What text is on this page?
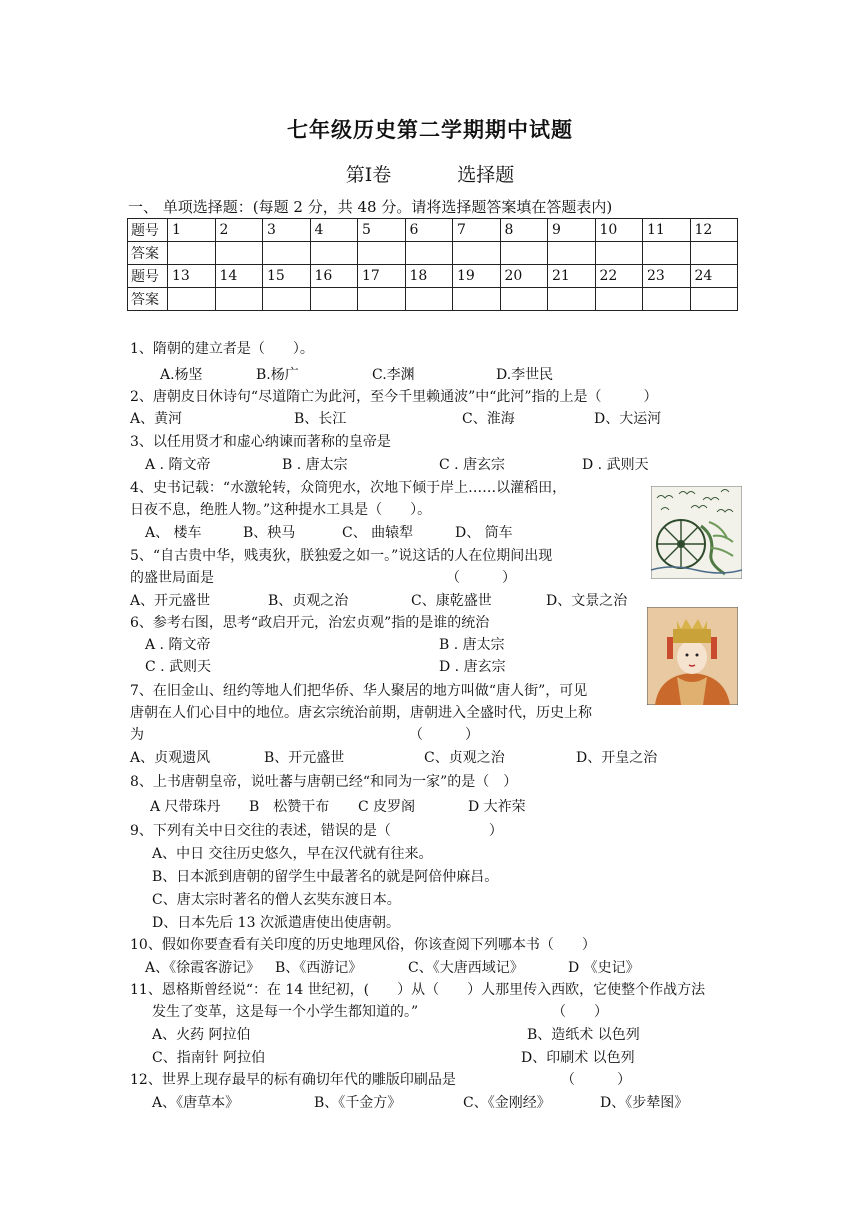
七年级历史第二学期期中试题
第Ⅰ卷	选择题
一、 单项选择题：(每题 2 分，共 48 分。请将选择题答案填在答题表内)
题号	1	2	3	4	5	6	7	8	9	10	11	12
答案												
题号	13	14	15	16	17	18	19	20	21	22	23	24
答案												
1、隋朝的建立者是（　　）。
A.杨坚	B.杨广	C.李渊	D.李世民
2、唐朝皮日休诗句“尽道隋亡为此河，至今千里赖通波”中“此河”指的上是（　　　）
A、黄河	B、长江	C、淮海	D、大运河
3、以任用贤才和虚心纳谏而著称的皇帝是
A . 隋文帝	B . 唐太宗	C . 唐玄宗	D . 武则天
4、史书记载：“水激轮转，众筒兜水，次地下倾于岸上……以灌稻田，
日夜不息，绝胜人物。”这种提水工具是（　　）。
A、 楼车	B、秧马	C、 曲辕犁	D、 筒车
5、“自古贵中华，贱夷狄，朕独爱之如一。”说这话的人在位期间出现
的盛世局面是	（　　　）
A、开元盛世	B、贞观之治	C、康乾盛世	D、文景之治
6、参考右图，思考“政启开元，治宏贞观”指的是谁的统治
A . 隋文帝	B . 唐太宗
C . 武则天	D . 唐玄宗
7、在旧金山、纽约等地人们把华侨、华人聚居的地方叫做“唐人街”，可见
唐朝在人们心目中的地位。唐玄宗统治前期，唐朝进入全盛时代，历史上称
为	（　　　）
A、贞观遗风	B、开元盛世	C、贞观之治	D、开皇之治
8、上书唐朝皇帝，说吐蕃与唐朝已经“和同为一家”的是（　）
A 尺带珠丹 B　松赞干布 C 皮罗阁	D 大祚荣
9、下列有关中日交往的表述，错误的是（　　　　　　　）
A、中日 交往历史悠久，早在汉代就有往来。
B、日本派到唐朝的留学生中最著名的就是阿倍仲麻吕。
C、唐太宗时著名的僧人玄奘东渡日本。
D、日本先后 13 次派遣唐使出使唐朝。
10、假如你要查看有关印度的历史地理风俗，你该查阅下列哪本书（　　）
A、《徐霞客游记》 B、《西游记》	C、《大唐西域记》	D 《史记》
11、恩格斯曾经说“：在 14 世纪初，(　　）从（　　）人那里传入西欧，它使整个作战方法
发生了变革，这是每一个小学生都知道的。”	（　　）
A、火药 阿拉伯	B、造纸术 以色列
C、指南针 阿拉伯	D、印刷术 以色列
12、世界上现存最早的标有确切年代的雕版印刷品是	（　　　）
A、《唐草本》	B、《千金方》	C、《金刚经》	D、《步辇图》
